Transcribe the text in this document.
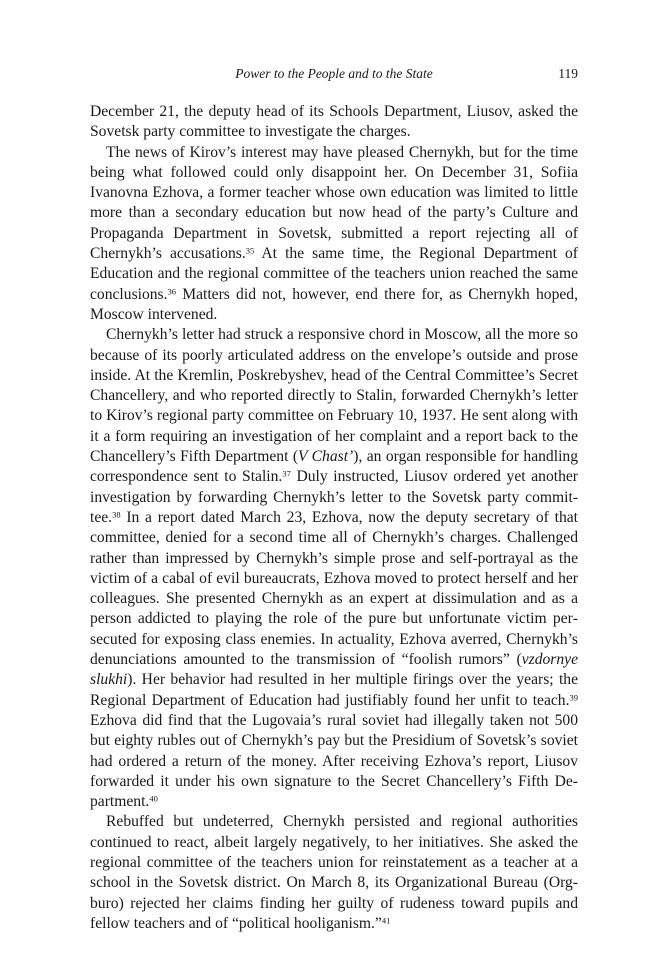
Power to the People and to the State	119

December 21, the deputy head of its Schools Department, Liusov, asked the Sovetsk party committee to investigate the charges.

The news of Kirov’s interest may have pleased Chernykh, but for the time being what followed could only disappoint her. On December 31, Sofiia Ivanovna Ezhova, a former teacher whose own education was limited to little more than a secondary education but now head of the party’s Culture and Propaganda Department in Sovetsk, submitted a report rejecting all of Chernykh’s accusations.$^{35}$ At the same time, the Regional Department of Education and the regional committee of the teachers union reached the same conclusions.$^{36}$ Matters did not, however, end there for, as Chernykh hoped, Moscow intervened.

Chernykh’s letter had struck a responsive chord in Moscow, all the more so because of its poorly articulated address on the envelope’s outside and prose inside. At the Kremlin, Poskrebyshev, head of the Central Committee’s Secret Chancellery, and who reported directly to Stalin, forwarded Chernykh’s letter to Kirov’s regional party committee on February 10, 1937. He sent along with it a form requiring an investigation of her complaint and a report back to the Chancellery’s Fifth Department (V Chast’), an organ responsible for handling correspondence sent to Stalin.$^{37}$ Duly instructed, Liusov ordered yet another investigation by forwarding Chernykh’s letter to the Sovetsk party committee.$^{38}$ In a report dated March 23, Ezhova, now the deputy secretary of that committee, denied for a second time all of Chernykh’s charges. Challenged rather than impressed by Chernykh’s simple prose and self-portrayal as the victim of a cabal of evil bureaucrats, Ezhova moved to protect herself and her colleagues. She presented Chernykh as an expert at dissimulation and as a person addicted to playing the role of the pure but unfortunate victim persecuted for exposing class enemies. In actuality, Ezhova averred, Chernykh’s denunciations amounted to the transmission of “foolish rumors” (vzdornye slukhi). Her behavior had resulted in her multiple firings over the years; the Regional Department of Education had justifiably found her unfit to teach.$^{39}$ Ezhova did find that the Lugovaia’s rural soviet had illegally taken not 500 but eighty rubles out of Chernykh’s pay but the Presidium of Sovetsk’s soviet had ordered a return of the money. After receiving Ezhova’s report, Liusov forwarded it under his own signature to the Secret Chancellery’s Fifth Department.$^{40}$

Rebuffed but undeterred, Chernykh persisted and regional authorities continued to react, albeit largely negatively, to her initiatives. She asked the regional committee of the teachers union for reinstatement as a teacher at a school in the Sovetsk district. On March 8, its Organizational Bureau (Orgburo) rejected her claims finding her guilty of rudeness toward pupils and fellow teachers and of “political hooliganism.”$^{41}$
